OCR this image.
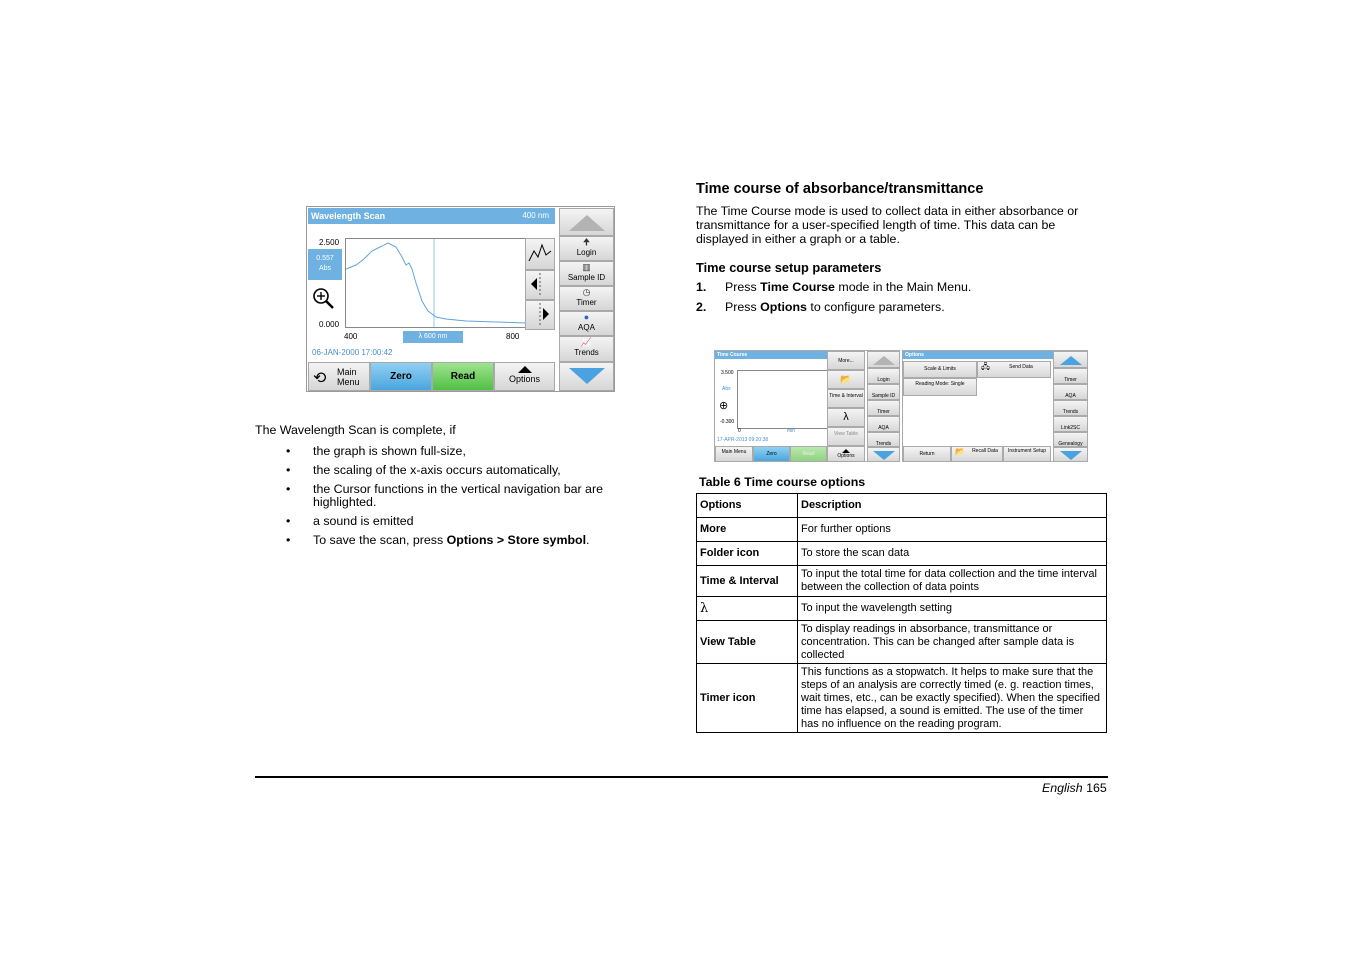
Wavelength Scan	400 nm
2.500
0.557
Abs
0.000
400	λ 600 nm	800
06-JAN-2000 17:00:42
🠉
Login
▥
Sample ID
◷
Timer
●
AQA
📈
Trends
⟲ Main
Menu	Zero	Read	Options
The Wavelength Scan is complete, if
• the graph is shown full-size,
• the scaling of the x-axis occurs automatically,
• the Cursor functions in the vertical navigation bar are highlighted.
• a sound is emitted
• To save the scan, press Options > Store symbol.
Time course of absorbance/transmittance
The Time Course mode is used to collect data in either absorbance or transmittance for a user-specified length of time. This data can be displayed in either a graph or a table.
Time course setup parameters
1. Press Time Course mode in the Main Menu.
2. Press Options to configure parameters.
Time Course
3.500
Abs
⊕
-0.300
0	min
17-APR-2013 09:20:38
More...
📂
Time & Interval
λ
View Table
Options
Login
Sample ID
Timer
AQA
Trends
Main Menu	Zero	Read
Options
Scale & Limits	🖧	Send Data
Reading Mode: Single
Timer
AQA
Trends
Link2SC
Genealogy
Return	📂 Recall Data	Instrument Setup
Table 6 Time course options
Options	Description
More	For further options
Folder icon	To store the scan data
Time & Interval	To input the total time for data collection and the time interval between the collection of data points
λ	To input the wavelength setting
View Table	To display readings in absorbance, transmittance or concentration. This can be changed after sample data is collected
Timer icon	This functions as a stopwatch. It helps to make sure that the steps of an analysis are correctly timed (e. g. reaction times, wait times, etc., can be exactly specified). When the specified time has elapsed, a sound is emitted. The use of the timer has no influence on the reading program.
English 165
